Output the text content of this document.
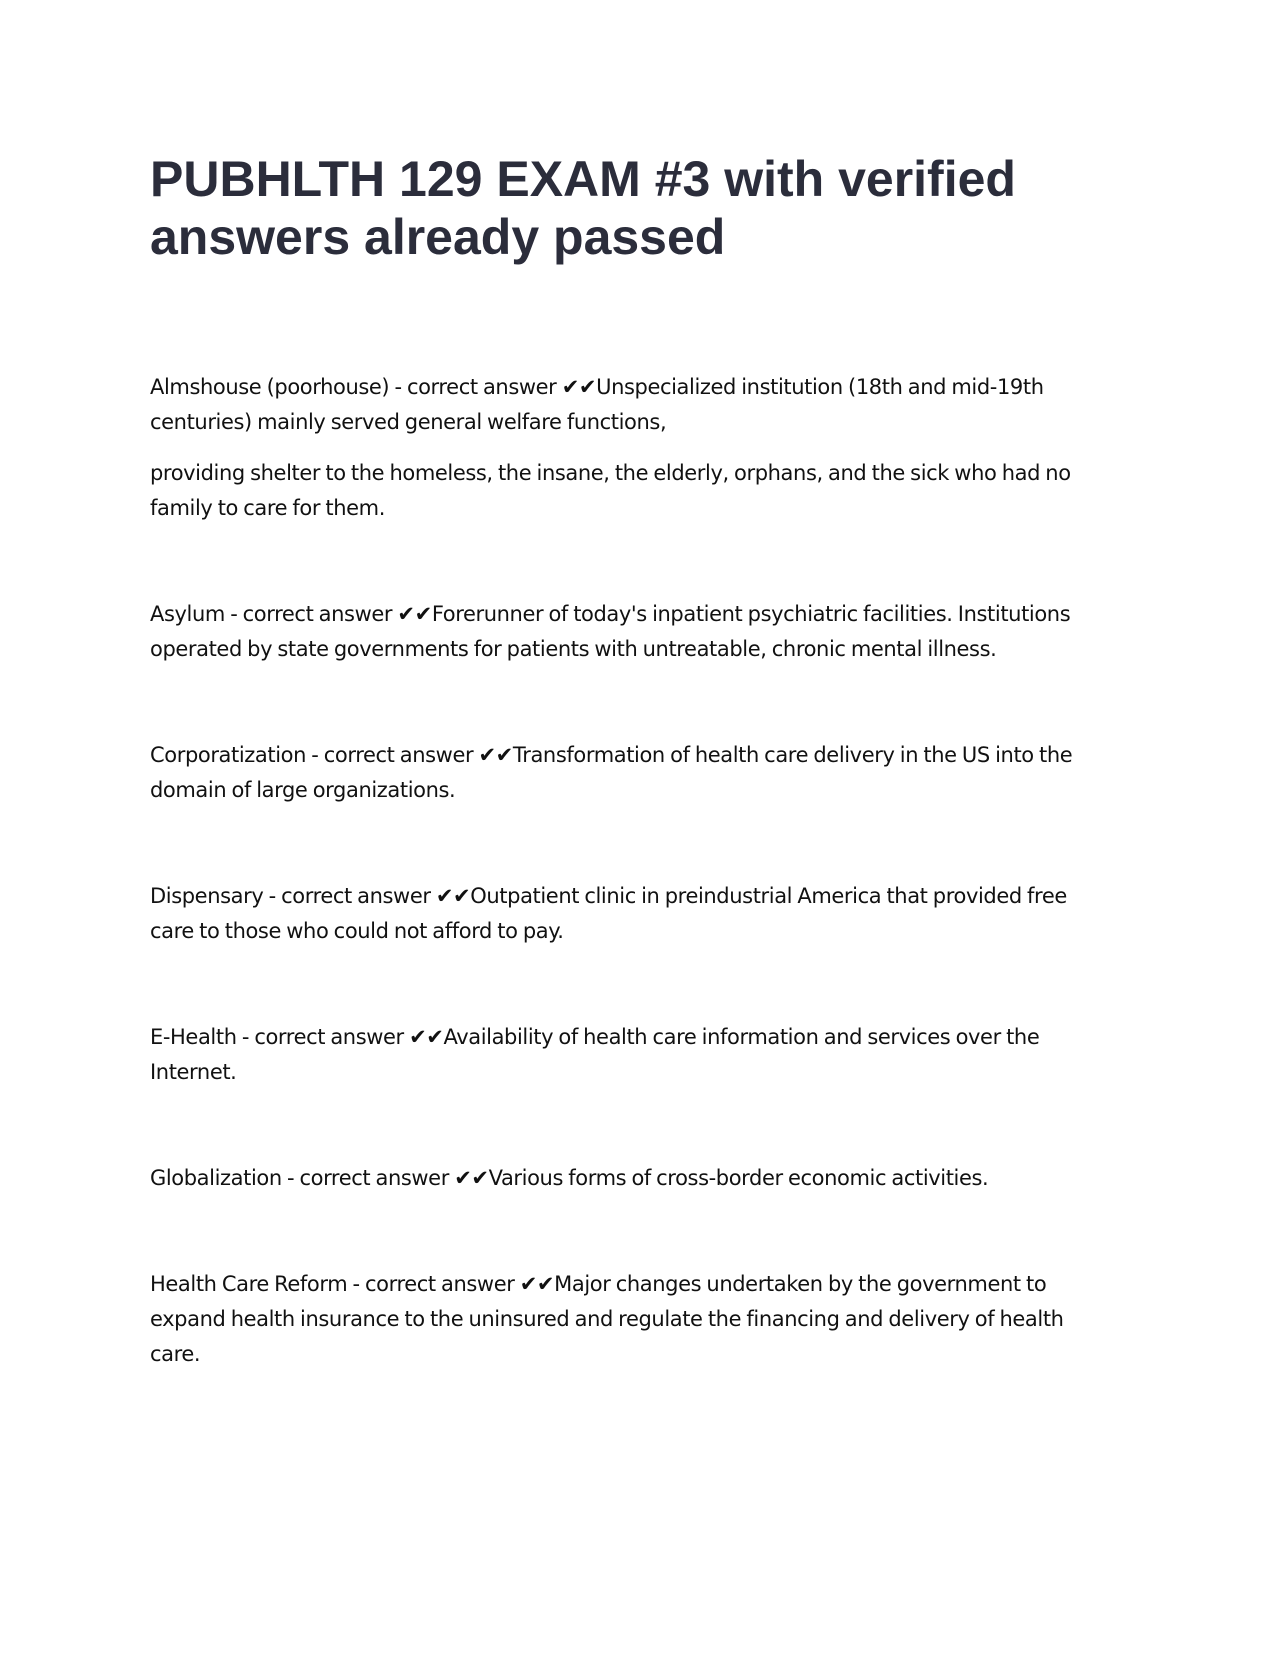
PUBHLTH 129 EXAM #3 with verified answers already passed

Almshouse (poorhouse) - correct answer ✔✔Unspecialized institution (18th and mid-19th centuries) mainly served general welfare functions,

providing shelter to the homeless, the insane, the elderly, orphans, and the sick who had no family to care for them.

Asylum - correct answer ✔✔Forerunner of today's inpatient psychiatric facilities. Institutions operated by state governments for patients with untreatable, chronic mental illness.

Corporatization - correct answer ✔✔Transformation of health care delivery in the US into the domain of large organizations.

Dispensary - correct answer ✔✔Outpatient clinic in preindustrial America that provided free care to those who could not afford to pay.

E-Health - correct answer ✔✔Availability of health care information and services over the Internet.

Globalization - correct answer ✔✔Various forms of cross-border economic activities.

Health Care Reform - correct answer ✔✔Major changes undertaken by the government to expand health insurance to the uninsured and regulate the financing and delivery of health care.
